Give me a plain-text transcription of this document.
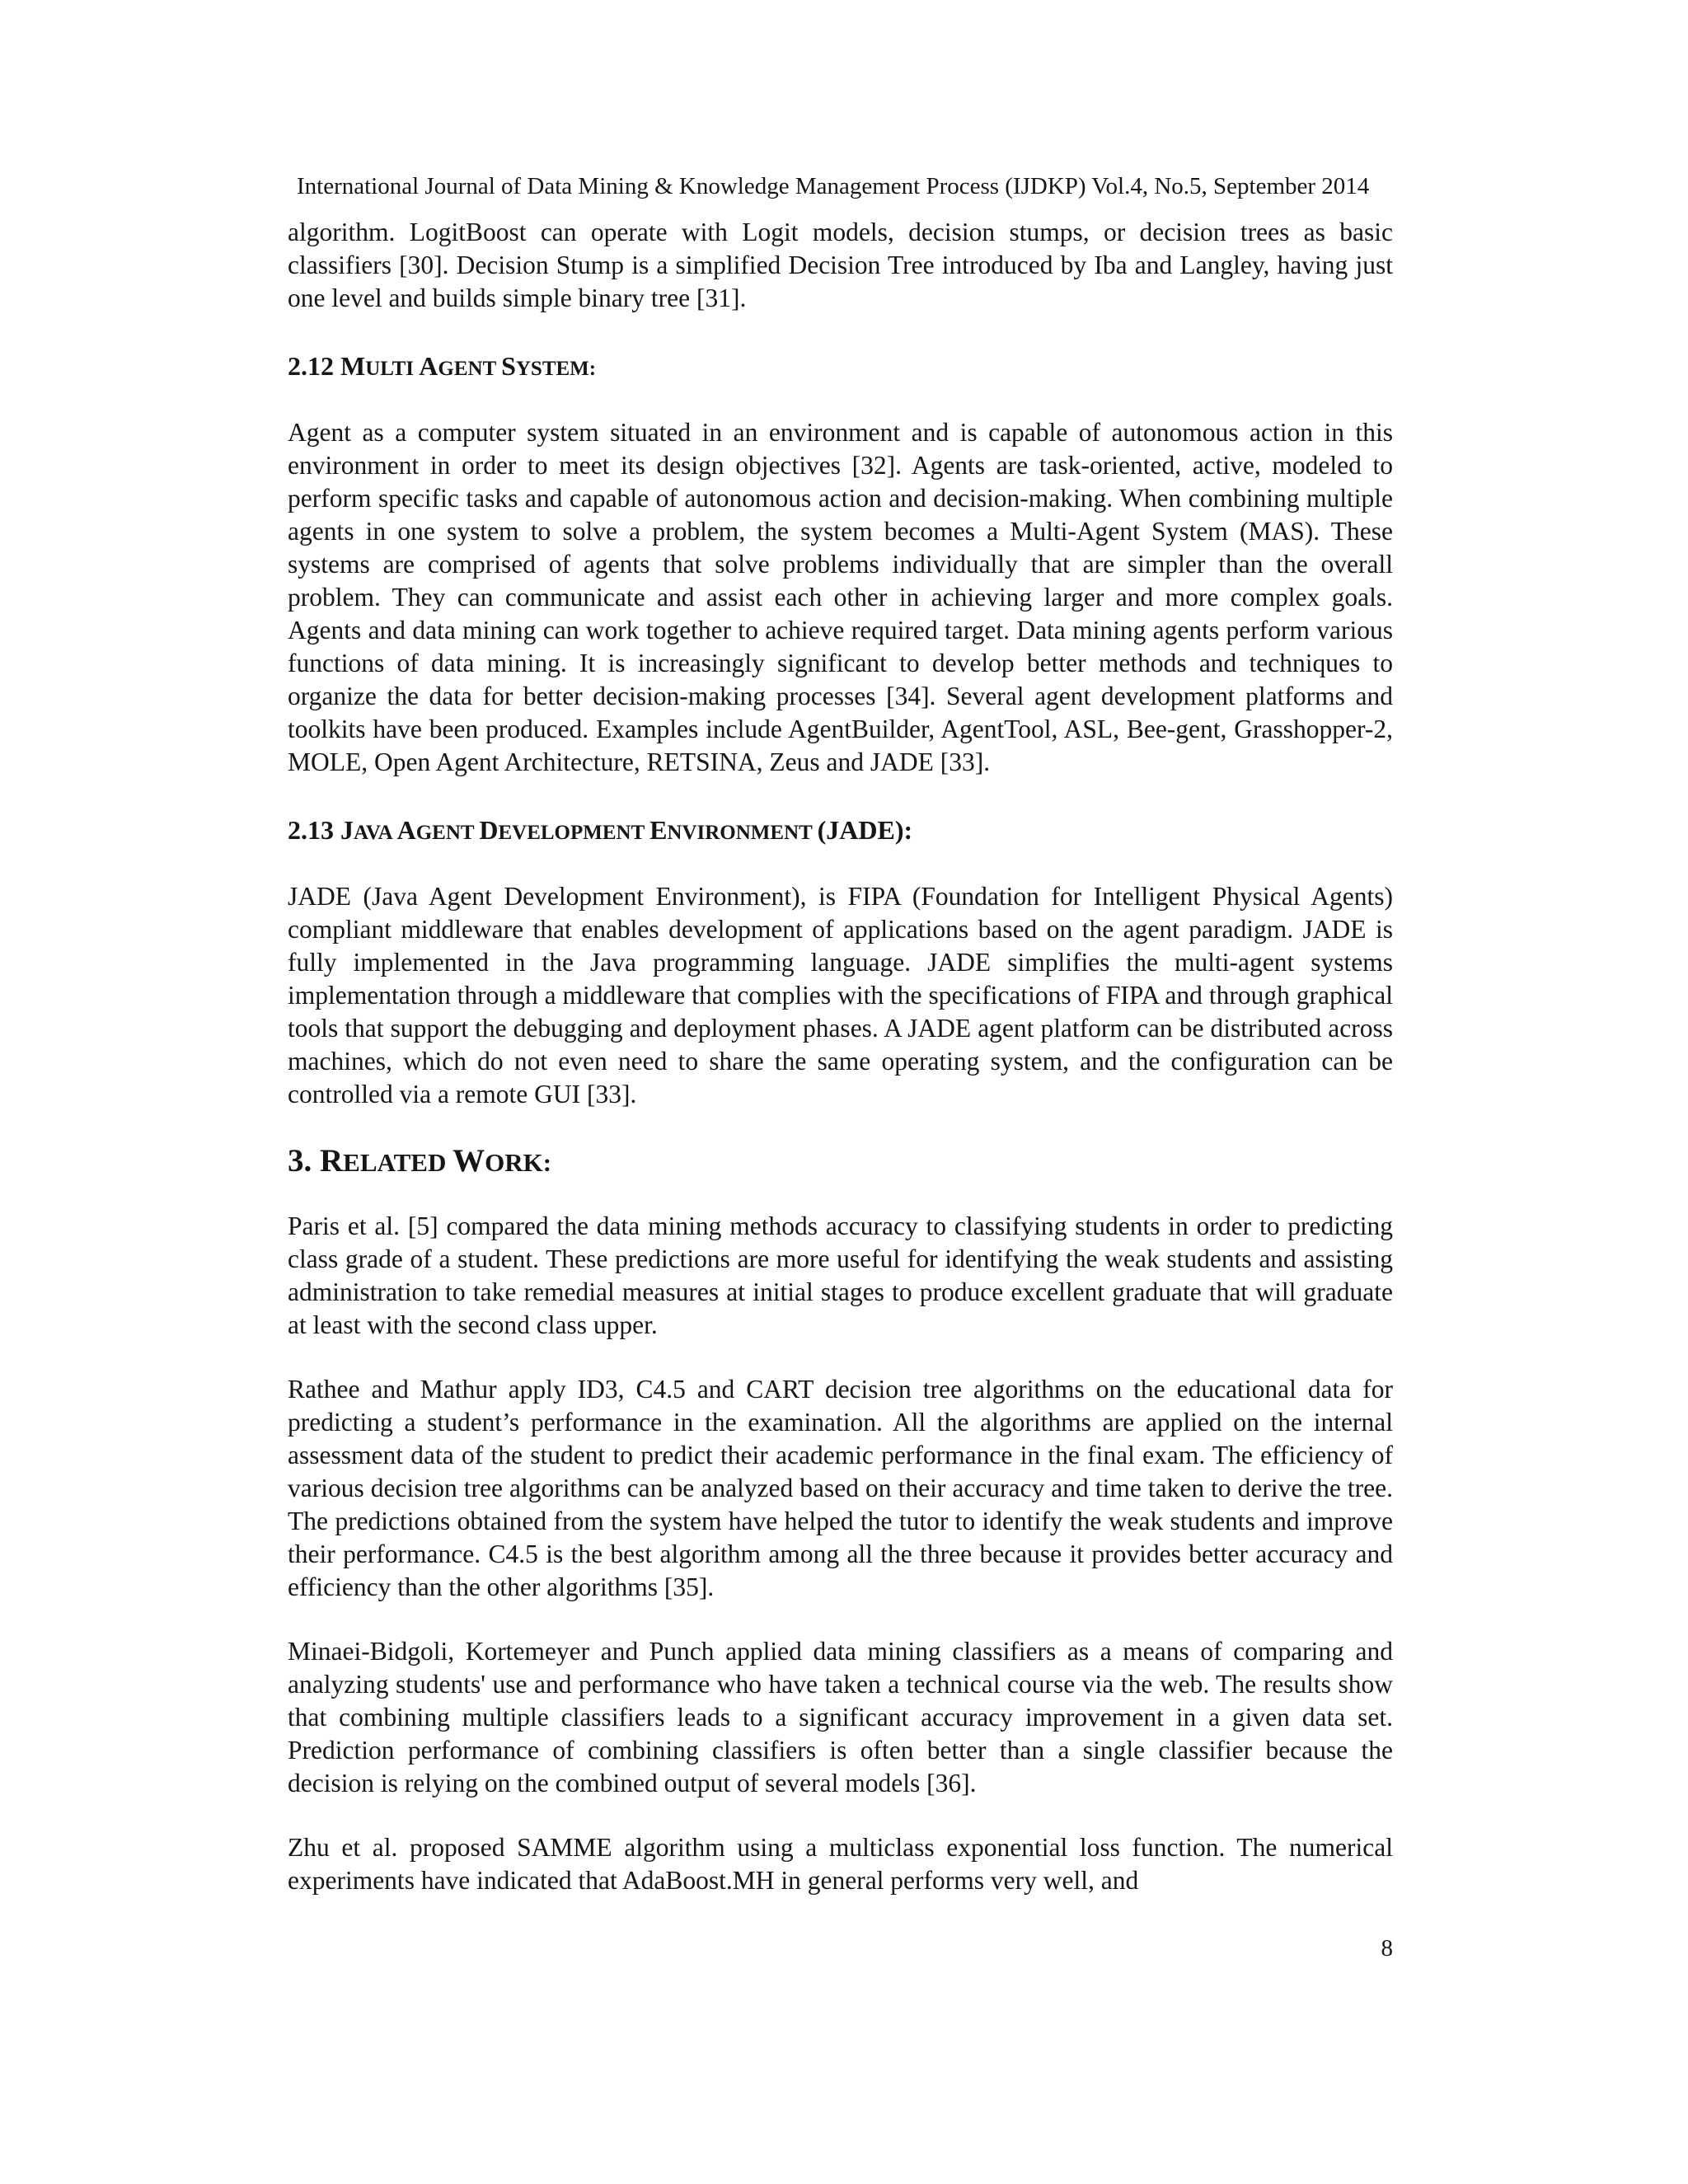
International Journal of Data Mining & Knowledge Management Process (IJDKP) Vol.4, No.5, September 2014

algorithm. LogitBoost can operate with Logit models, decision stumps, or decision trees as basic classifiers [30]. Decision Stump is a simplified Decision Tree introduced by Iba and Langley, having just one level and builds simple binary tree [31].

2.12 MULTI AGENT SYSTEM:

Agent as a computer system situated in an environment and is capable of autonomous action in this environment in order to meet its design objectives [32]. Agents are task-oriented, active, modeled to perform specific tasks and capable of autonomous action and decision-making. When combining multiple agents in one system to solve a problem, the system becomes a Multi-Agent System (MAS). These systems are comprised of agents that solve problems individually that are simpler than the overall problem. They can communicate and assist each other in achieving larger and more complex goals. Agents and data mining can work together to achieve required target. Data mining agents perform various functions of data mining. It is increasingly significant to develop better methods and techniques to organize the data for better decision-making processes [34]. Several agent development platforms and toolkits have been produced. Examples include AgentBuilder, AgentTool, ASL, Bee-gent, Grasshopper-2, MOLE, Open Agent Architecture, RETSINA, Zeus and JADE [33].

2.13 JAVA AGENT DEVELOPMENT ENVIRONMENT (JADE):

JADE (Java Agent Development Environment), is FIPA (Foundation for Intelligent Physical Agents) compliant middleware that enables development of applications based on the agent paradigm. JADE is fully implemented in the Java programming language. JADE simplifies the multi-agent systems implementation through a middleware that complies with the specifications of FIPA and through graphical tools that support the debugging and deployment phases. A JADE agent platform can be distributed across machines, which do not even need to share the same operating system, and the configuration can be controlled via a remote GUI [33].

3. RELATED WORK:

Paris et al. [5] compared the data mining methods accuracy to classifying students in order to predicting class grade of a student. These predictions are more useful for identifying the weak students and assisting administration to take remedial measures at initial stages to produce excellent graduate that will graduate at least with the second class upper.

Rathee and Mathur apply ID3, C4.5 and CART decision tree algorithms on the educational data for predicting a student’s performance in the examination. All the algorithms are applied on the internal assessment data of the student to predict their academic performance in the final exam. The efficiency of various decision tree algorithms can be analyzed based on their accuracy and time taken to derive the tree. The predictions obtained from the system have helped the tutor to identify the weak students and improve their performance. C4.5 is the best algorithm among all the three because it provides better accuracy and efficiency than the other algorithms [35].

Minaei-Bidgoli, Kortemeyer and Punch applied data mining classifiers as a means of comparing and analyzing students' use and performance who have taken a technical course via the web. The results show that combining multiple classifiers leads to a significant accuracy improvement in a given data set. Prediction performance of combining classifiers is often better than a single classifier because the decision is relying on the combined output of several models [36].

Zhu et al. proposed SAMME algorithm using a multiclass exponential loss function. The numerical experiments have indicated that AdaBoost.MH in general performs very well, and

8
